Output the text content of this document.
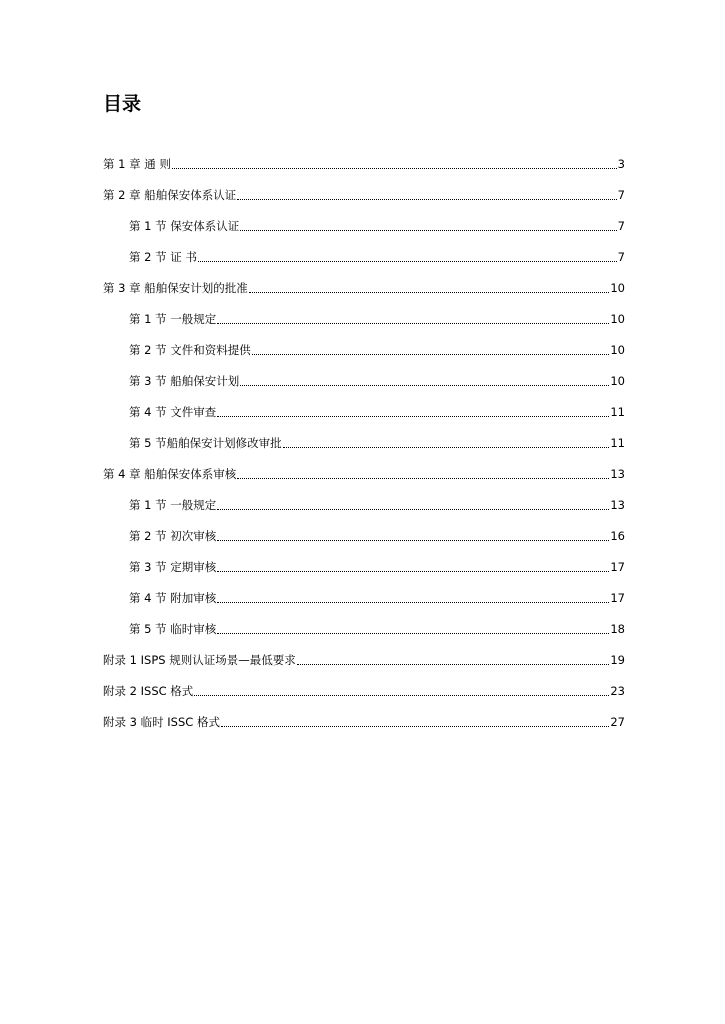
目录
第 1 章 通 则	3
第 2 章 船舶保安体系认证	7
第 1 节 保安体系认证	7
第 2 节 证 书	7
第 3 章 船舶保安计划的批准	10
第 1 节 一般规定	10
第 2 节 文件和资料提供	10
第 3 节 船舶保安计划	10
第 4 节 文件审查	11
第 5 节船舶保安计划修改审批	11
第 4 章 船舶保安体系审核	13
第 1 节 一般规定	13
第 2 节 初次审核	16
第 3 节 定期审核	17
第 4 节 附加审核	17
第 5 节 临时审核	18
附录 1 ISPS 规则认证场景—最低要求	19
附录 2 ISSC 格式	23
附录 3 临时 ISSC 格式	27
